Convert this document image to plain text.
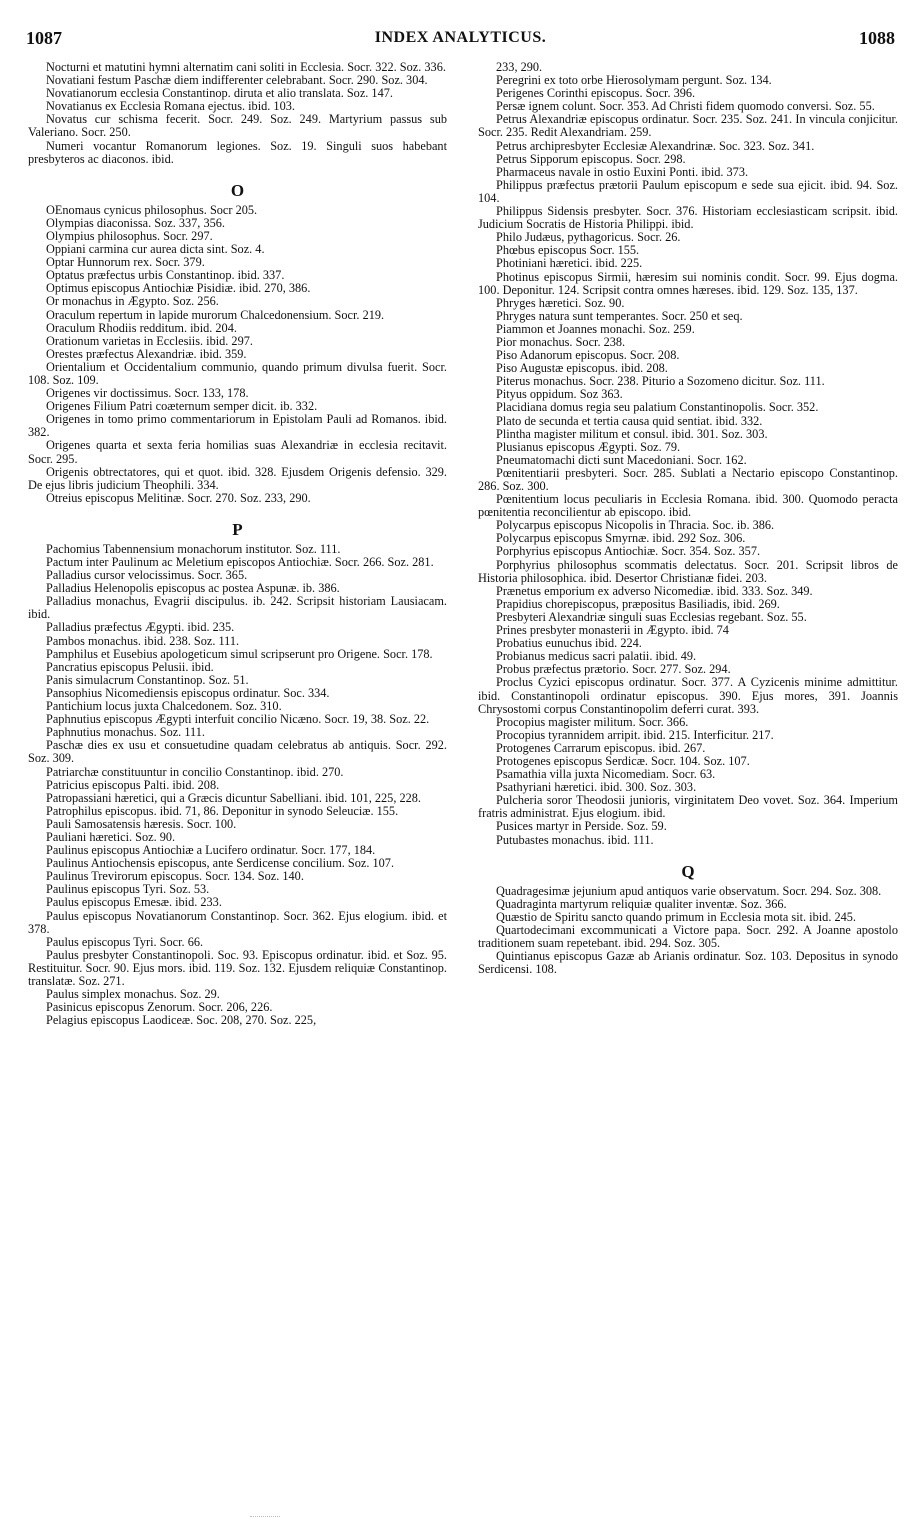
1087	INDEX ANALYTICUS.	1088
Nocturni et matutini hymni alternatim cani soliti in Ecclesia. Socr. 322. Soz. 336.
Novatiani festum Paschæ diem indifferenter celebrabant. Socr. 290. Soz. 304.
Novatianorum ecclesia Constantinop. diruta et alio translata. Soz. 147.
Novatianus ex Ecclesia Romana ejectus. ibid. 103.
Novatus cur schisma fecerit. Socr. 249. Soz. 249. Martyrium passus sub Valeriano. Socr. 250.
Numeri vocantur Romanorum legiones. Soz. 19. Singuli suos habebant presbyteros ac diaconos. ibid.
O
OEnomaus cynicus philosophus. Socr 205.
Olympias diaconissa. Soz. 337, 356.
Olympius philosophus. Socr. 297.
Oppiani carmina cur aurea dicta sint. Soz. 4.
Optar Hunnorum rex. Socr. 379.
Optatus præfectus urbis Constantinop. ibid. 337.
Optimus episcopus Antiochiæ Pisidiæ. ibid. 270, 386.
Or monachus in Ægypto. Soz. 256.
Oraculum repertum in lapide murorum Chalcedonensium. Socr. 219.
Oraculum Rhodiis redditum. ibid. 204.
Orationum varietas in Ecclesiis. ibid. 297.
Orestes præfectus Alexandriæ. ibid. 359.
Orientalium et Occidentalium communio, quando primum divulsa fuerit. Socr. 108. Soz. 109.
Origenes vir doctissimus. Socr. 133, 178.
Origenes Filium Patri coæternum semper dicit. ib. 332.
Origenes in tomo primo commentariorum in Epistolam Pauli ad Romanos. ibid. 382.
Origenes quarta et sexta feria homilias suas Alexandriæ in ecclesia recitavit. Socr. 295.
Origenis obtrectatores, qui et quot. ibid. 328. Ejusdem Origenis defensio. 329. De ejus libris judicium Theophili. 334.
Otreius episcopus Melitinæ. Socr. 270. Soz. 233, 290.
P
Pachomius Tabennensium monachorum institutor. Soz. 111.
Pactum inter Paulinum ac Meletium episcopos Antiochiæ. Socr. 266. Soz. 281.
Palladius cursor velocissimus. Socr. 365.
Palladius Helenopolis episcopus ac postea Aspunæ. ib. 386.
Palladius monachus, Evagrii discipulus. ib. 242. Scripsit historiam Lausiacam. ibid.
Palladius præfectus Ægypti. ibid. 235.
Pambos monachus. ibid. 238. Soz. 111.
Pamphilus et Eusebius apologeticum simul scripserunt pro Origene. Socr. 178.
Pancratius episcopus Pelusii. ibid.
Panis simulacrum Constantinop. Soz. 51.
Pansophius Nicomediensis episcopus ordinatur. Soc. 334.
Pantichium locus juxta Chalcedonem. Soz. 310.
Paphnutius episcopus Ægypti interfuit concilio Nicæno. Socr. 19, 38. Soz. 22.
Paphnutius monachus. Soz. 111.
Paschæ dies ex usu et consuetudine quadam celebratus ab antiquis. Socr. 292. Soz. 309.
Patriarchæ constituuntur in concilio Constantinop. ibid. 270.
Patricius episcopus Palti. ibid. 208.
Patropassiani hæretici, qui a Græcis dicuntur Sabelliani. ibid. 101, 225, 228.
Patrophilus episcopus. ibid. 71, 86. Deponitur in synodo Seleuciæ. 155.
Pauli Samosatensis hæresis. Socr. 100.
Pauliani hæretici. Soz. 90.
Paulinus episcopus Antiochiæ a Lucifero ordinatur. Socr. 177, 184.
Paulinus Antiochensis episcopus, ante Serdicense concilium. Soz. 107.
Paulinus Trevirorum episcopus. Socr. 134. Soz. 140.
Paulinus episcopus Tyri. Soz. 53.
Paulus episcopus Emesæ. ibid. 233.
Paulus episcopus Novatianorum Constantinop. Socr. 362. Ejus elogium. ibid. et 378.
Paulus episcopus Tyri. Socr. 66.
Paulus presbyter Constantinopoli. Soc. 93. Episcopus ordinatur. ibid. et Soz. 95. Restituitur. Socr. 90. Ejus mors. ibid. 119. Soz. 132. Ejusdem reliquiæ Constantinop. translatæ. Soz. 271.
Paulus simplex monachus. Soz. 29.
Pasinicus episcopus Zenorum. Socr. 206, 226.
Pelagius episcopus Laodiceæ. Soc. 208, 270. Soz. 225,
233, 290.
Peregrini ex toto orbe Hierosolymam pergunt. Soz. 134.
Perigenes Corinthi episcopus. Socr. 396.
Persæ ignem colunt. Socr. 353. Ad Christi fidem quomodo conversi. Soz. 55.
Petrus Alexandriæ episcopus ordinatur. Socr. 235. Soz. 241. In vincula conjicitur. Socr. 235. Redit Alexandriam. 259.
Petrus archipresbyter Ecclesiæ Alexandrinæ. Soc. 323. Soz. 341.
Petrus Sipporum episcopus. Socr. 298.
Pharmaceus navale in ostio Euxini Ponti. ibid. 373.
Philippus præfectus prætorii Paulum episcopum e sede sua ejicit. ibid. 94. Soz. 104.
Philippus Sidensis presbyter. Socr. 376. Historiam ecclesiasticam scripsit. ibid. Judicium Socratis de Historia Philippi. ibid.
Philo Judæus, pythagoricus. Socr. 26.
Phœbus episcopus Socr. 155.
Photiniani hæretici. ibid. 225.
Photinus episcopus Sirmii, hæresim sui nominis condit. Socr. 99. Ejus dogma. 100. Deponitur. 124. Scripsit contra omnes hæreses. ibid. 129. Soz. 135, 137.
Phryges hæretici. Soz. 90.
Phryges natura sunt temperantes. Socr. 250 et seq.
Piammon et Joannes monachi. Soz. 259.
Pior monachus. Socr. 238.
Piso Adanorum episcopus. Socr. 208.
Piso Augustæ episcopus. ibid. 208.
Piterus monachus. Socr. 238. Piturio a Sozomeno dicitur. Soz. 111.
Pityus oppidum. Soz 363.
Placidiana domus regia seu palatium Constantinopolis. Socr. 352.
Plato de secunda et tertia causa quid sentiat. ibid. 332.
Plintha magister militum et consul. ibid. 301. Soz. 303.
Plusianus episcopus Ægypti. Soz. 79.
Pneumatomachi dicti sunt Macedoniani. Socr. 162.
Pœnitentiarii presbyteri. Socr. 285. Sublati a Nectario episcopo Constantinop. 286. Soz. 300.
Pœnitentium locus peculiaris in Ecclesia Romana. ibid. 300. Quomodo peracta pœnitentia reconcilientur ab episcopo. ibid.
Polycarpus episcopus Nicopolis in Thracia. Soc. ib. 386.
Polycarpus episcopus Smyrnæ. ibid. 292 Soz. 306.
Porphyrius episcopus Antiochiæ. Socr. 354. Soz. 357.
Porphyrius philosophus scommatis delectatus. Socr. 201. Scripsit libros de Historia philosophica. ibid. Desertor Christianæ fidei. 203.
Prænetus emporium ex adverso Nicomediæ. ibid. 333. Soz. 349.
Prapidius chorepiscopus, præpositus Basiliadis, ibid. 269.
Presbyteri Alexandriæ singuli suas Ecclesias regebant. Soz. 55.
Prines presbyter monasterii in Ægypto. ibid. 74
Probatius eunuchus ibid. 224.
Probianus medicus sacri palatii. ibid. 49.
Probus præfectus prætorio. Socr. 277. Soz. 294.
Proclus Cyzici episcopus ordinatur. Socr. 377. A Cyzicenis minime admittitur. ibid. Constantinopoli ordinatur episcopus. 390. Ejus mores, 391. Joannis Chrysostomi corpus Constantinopolim deferri curat. 393.
Procopius magister militum. Socr. 366.
Procopius tyrannidem arripit. ibid. 215. Interficitur. 217.
Protogenes Carrarum episcopus. ibid. 267.
Protogenes episcopus Serdicæ. Socr. 104. Soz. 107.
Psamathia villa juxta Nicomediam. Socr. 63.
Psathyriani hæretici. ibid. 300. Soz. 303.
Pulcheria soror Theodosii junioris, virginitatem Deo vovet. Soz. 364. Imperium fratris administrat. Ejus elogium. ibid.
Pusices martyr in Perside. Soz. 59.
Putubastes monachus. ibid. 111.
Q
Quadragesimæ jejunium apud antiquos varie observatum. Socr. 294. Soz. 308.
Quadraginta martyrum reliquiæ qualiter inventæ. Soz. 366.
Quæstio de Spiritu sancto quando primum in Ecclesia mota sit. ibid. 245.
Quartodecimani excommunicati a Victore papa. Socr. 292. A Joanne apostolo traditionem suam repetebant. ibid. 294. Soz. 305.
Quintianus episcopus Gazæ ab Arianis ordinatur. Soz. 103. Depositus in synodo Serdicensi. 108.
